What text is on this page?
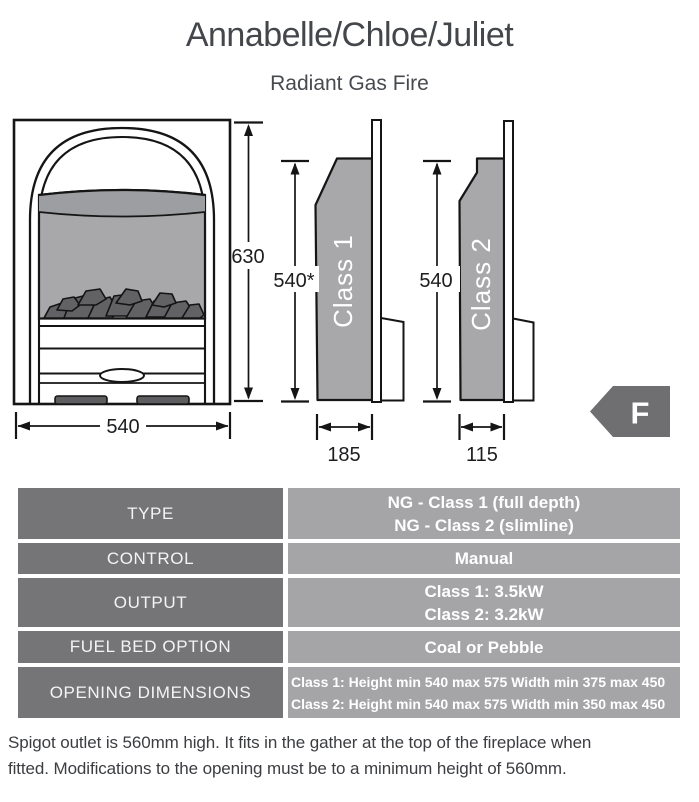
Annabelle/Chloe/Juliet
Radiant Gas Fire
630
540
Class 1
540*
185
Class 2
540
115
F
TYPE
NG - Class 1 (full depth)
NG - Class 2 (slimline)
CONTROL	Manual
OUTPUT
Class 1: 3.5kW
Class 2: 3.2kW
FUEL BED OPTION	Coal or Pebble
OPENING DIMENSIONS
Class 1: Height min 540 max 575 Width min 375 max 450
Class 2: Height min 540 max 575 Width min 350 max 450
Spigot outlet is 560mm high. It fits in the gather at the top of the fireplace when
fitted. Modifications to the opening must be to a minimum height of 560mm.
